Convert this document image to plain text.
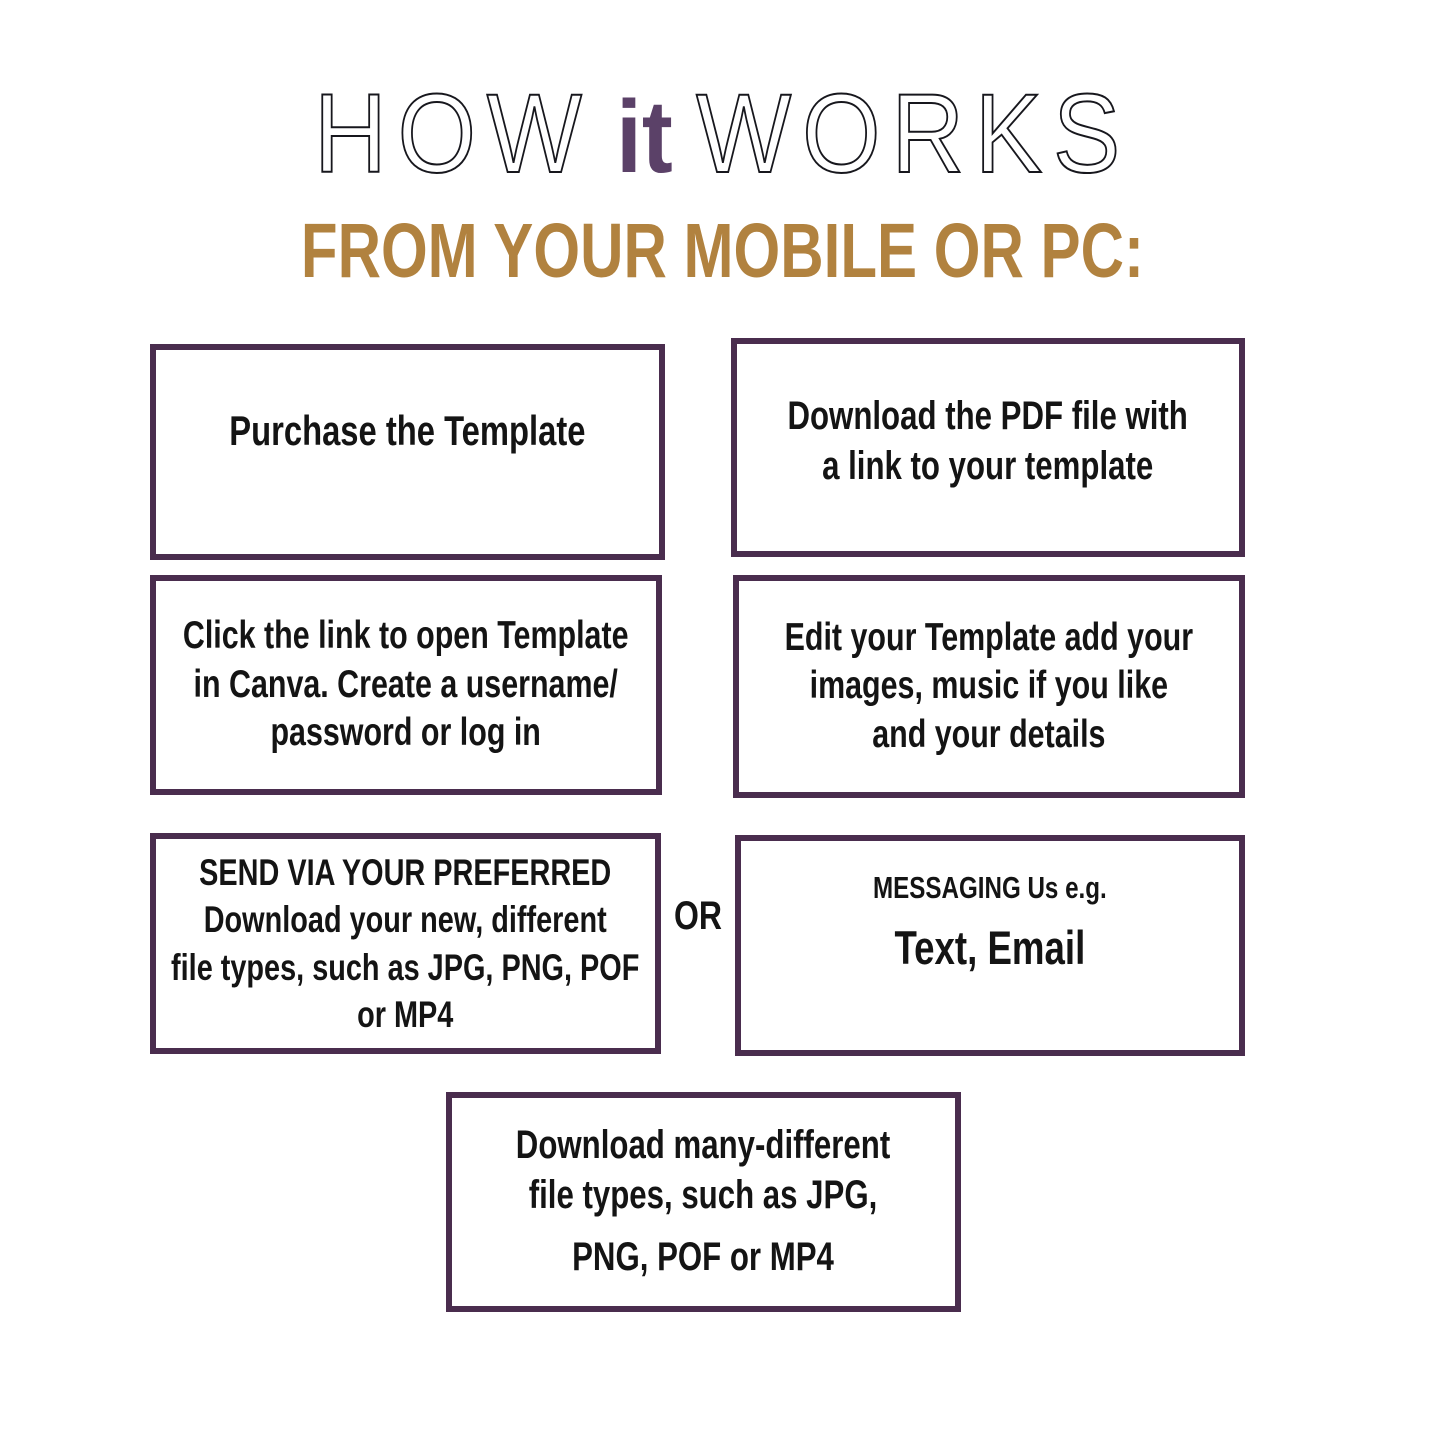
HOW it WORKS
FROM YOUR MOBILE OR PC:
Purchase the Template	Download the PDF file with
a link to your template
Click the link to open Template
in Canva. Create a username/
password or log in
Edit your Template add your
images, music if you like
and your details
SEND VIA YOUR PREFERRED
Download your new, different
file types, such as JPG, PNG, POF
or MP4
OR
MESSAGING Us e.g.
Text, Email
Download many-different
file types, such as JPG,
PNG, POF or MP4
